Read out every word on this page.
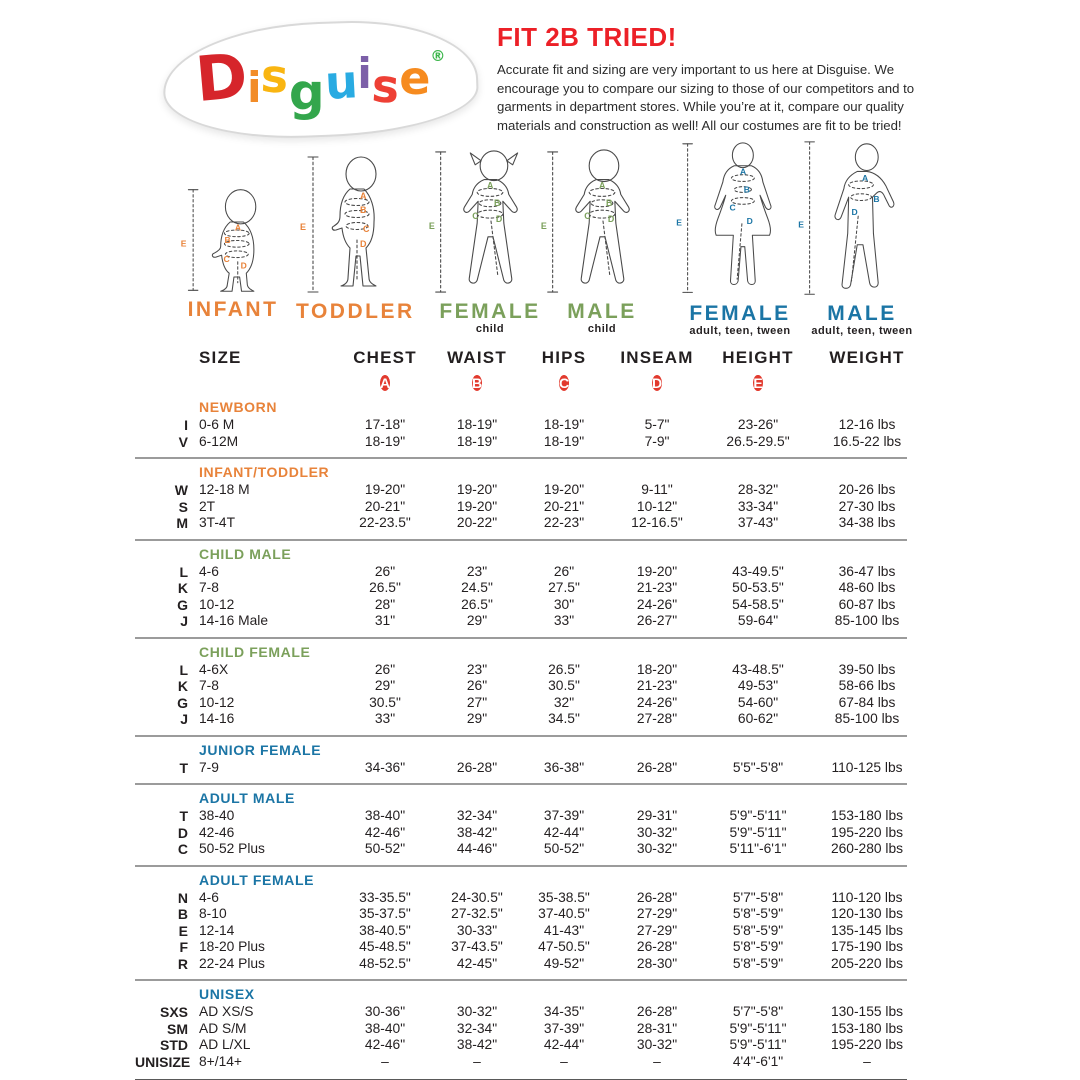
D
i
s
g
u
i
s
e ®
FIT 2B TRIED!
Accurate fit and sizing are very important to us here at Disguise. We encourage you to compare our sizing to those of our competitors and to garments in department stores. While you’re at it, compare our quality materials and construction as well! All our costumes are fit to be tried!
E
A
B
C
D
INFANT
E
A
B
C
D
TODDLER
E
A
B
C D
FEMALE
child
E
A
B
C D
MALE
child
E
A
B
C
D
FEMALE
adult, teen, tween
E
A
B
D
MALE
adult, teen, tween
SIZE	CHEST	WAIST	HIPS	INSEAM	HEIGHT	WEIGHT
A	B	C	D	E
NEWBORN
I 0-6 M	17-18"	18-19"	18-19"	5-7"	23-26"	12-16 lbs
V 6-12M	18-19"	18-19"	18-19"	7-9"	26.5-29.5"	16.5-22 lbs
INFANT/TODDLER
W 12-18 M	19-20"	19-20"	19-20"	9-11"	28-32"	20-26 lbs
S 2T	20-21"	19-20"	20-21"	10-12"	33-34"	27-30 lbs
M 3T-4T	22-23.5"	20-22"	22-23"	12-16.5"	37-43"	34-38 lbs
CHILD MALE
L 4-6	26"	23"	26"	19-20"	43-49.5"	36-47 lbs
K 7-8	26.5"	24.5"	27.5"	21-23"	50-53.5"	48-60 lbs
G 10-12	28"	26.5"	30"	24-26"	54-58.5"	60-87 lbs
J 14-16 Male	31"	29"	33"	26-27"	59-64"	85-100 lbs
CHILD FEMALE
L 4-6X	26"	23"	26.5"	18-20"	43-48.5"	39-50 lbs
K 7-8	29"	26"	30.5"	21-23"	49-53"	58-66 lbs
G 10-12	30.5"	27"	32"	24-26"	54-60"	67-84 lbs
J 14-16	33"	29"	34.5"	27-28"	60-62"	85-100 lbs
JUNIOR FEMALE
T 7-9	34-36"	26-28"	36-38"	26-28"	5'5"-5'8"	110-125 lbs
ADULT MALE
T 38-40	38-40"	32-34"	37-39"	29-31"	5'9"-5'11"	153-180 lbs
D 42-46	42-46"	38-42"	42-44"	30-32"	5'9"-5'11"	195-220 lbs
C 50-52 Plus	50-52"	44-46"	50-52"	30-32"	5'11"-6'1"	260-280 lbs
ADULT FEMALE
N 4-6	33-35.5"	24-30.5"	35-38.5"	26-28"	5'7"-5'8"	110-120 lbs
B 8-10	35-37.5"	27-32.5"	37-40.5"	27-29"	5'8"-5'9"	120-130 lbs
E 12-14	38-40.5"	30-33"	41-43"	27-29"	5'8"-5'9"	135-145 lbs
F 18-20 Plus	45-48.5"	37-43.5"	47-50.5"	26-28"	5'8"-5'9"	175-190 lbs
R 22-24 Plus	48-52.5"	42-45"	49-52"	28-30"	5'8"-5'9"	205-220 lbs
UNISEX
SXS AD XS/S	30-36"	30-32"	34-35"	26-28"	5'7"-5'8"	130-155 lbs
SM AD S/M	38-40"	32-34"	37-39"	28-31"	5'9"-5'11"	153-180 lbs
STD AD L/XL	42-46"	38-42"	42-44"	30-32"	5'9"-5'11"	195-220 lbs
UNISIZE 8+/14+	–	–	–	–	4'4"-6'1"	–
